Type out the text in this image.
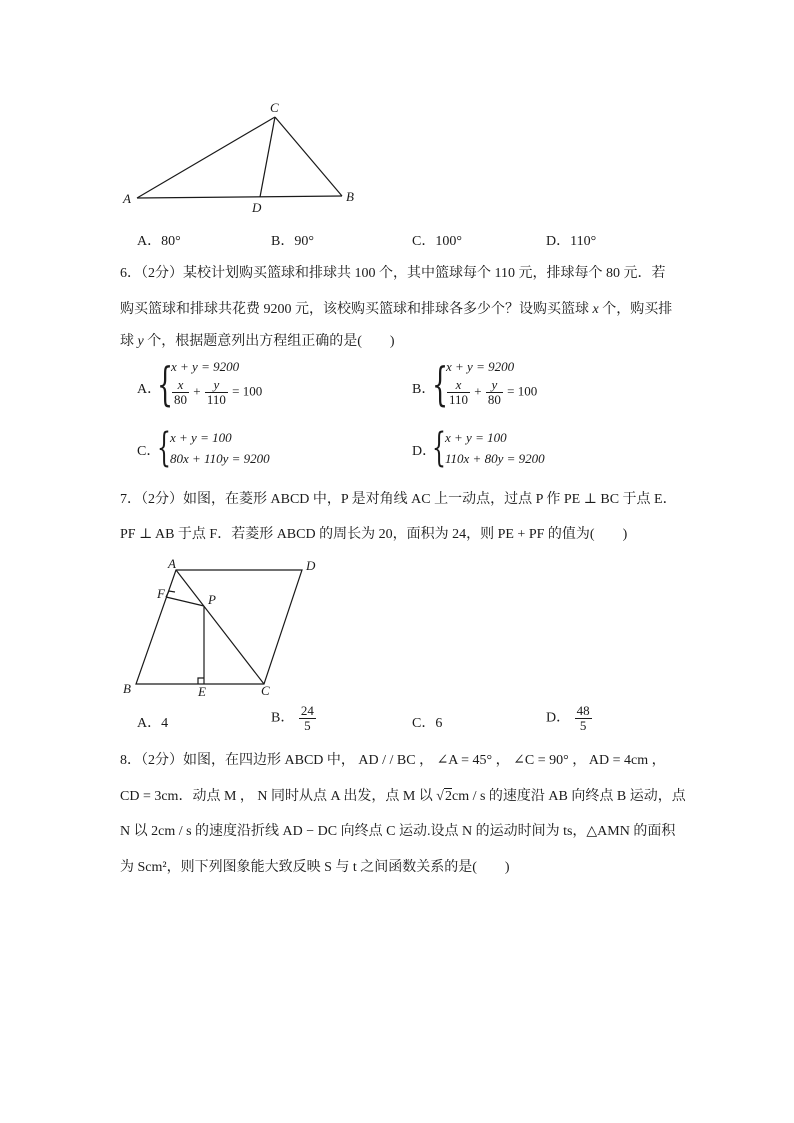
C
A
D
B
A．80°	B．90°	C．100°	D．110°
6．（2分）某校计划购买篮球和排球共 100 个，其中篮球每个 110 元，排球每个 80 元．若
购买篮球和排球共花费 9200 元，该校购买篮球和排球各多少个？设购买篮球 x 个，购买排
球 y 个，根据题意列出方程组正确的是(　　)
A．
{
x + y = 9200
$\frac{x}{80} + \frac{y}{110} = 100$	B．
{
x + y = 9200
$\frac{x}{110} + \frac{y}{80} = 100$
C．
{ x + y = 100
80x + 110y = 9200	D．
{ x + y = 100
110x + 80y = 9200
7．（2分）如图，在菱形 ABCD 中，P 是对角线 AC 上一动点，过点 P 作 PE ⊥ BC 于点 E．
PF ⊥ AB 于点 F．若菱形 ABCD 的周长为 20，面积为 24，则 PE + PF 的值为(　　)
A	D
F	P
B	E	C
A．4	B． $\frac{24}{5}$	C．6	D． $\frac{48}{5}$
8．（2分）如图，在四边形 ABCD 中， AD / / BC ， ∠A = 45° ， ∠C = 90° ， AD = 4cm ，
CD = 3cm．动点 M ， N 同时从点 A 出发，点 M 以 √2cm / s 的速度沿 AB 向终点 B 运动，点
N 以 2cm / s 的速度沿折线 AD − DC 向终点 C 运动.设点 N 的运动时间为 ts，△AMN 的面积
为 Scm²，则下列图象能大致反映 S 与 t 之间函数关系的是(　　)
